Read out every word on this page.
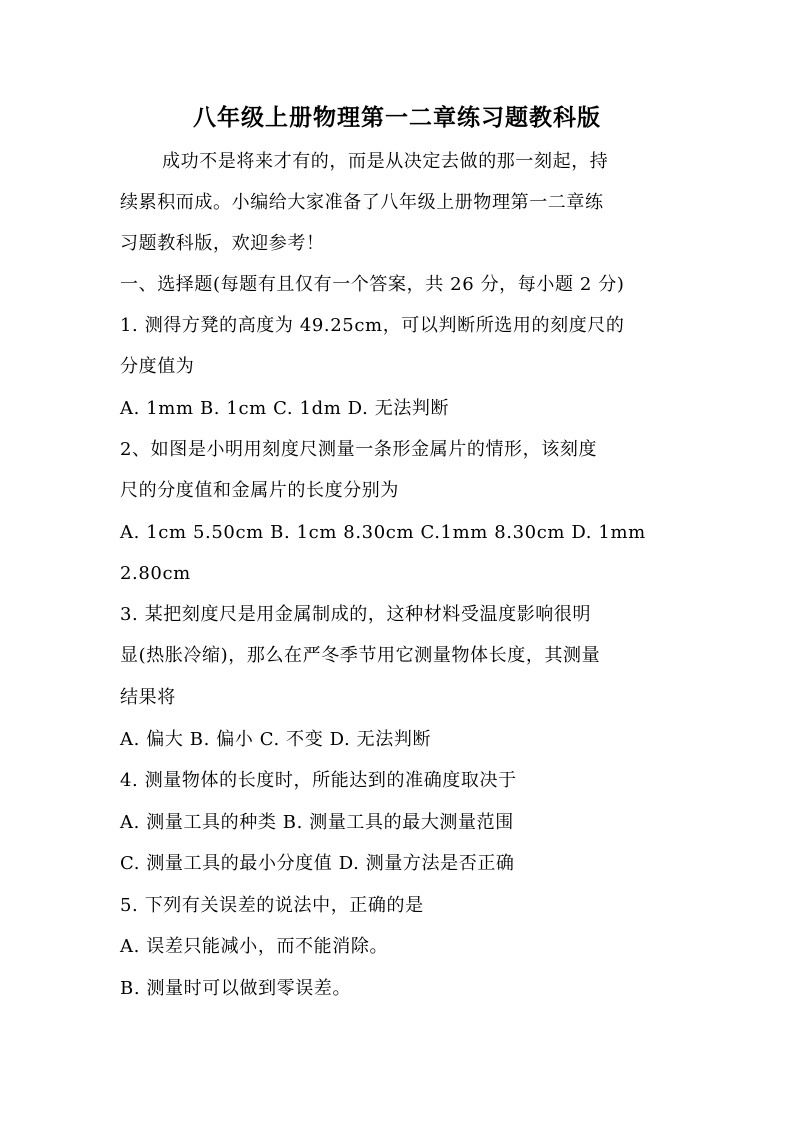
八年级上册物理第一二章练习题教科版
成功不是将来才有的，而是从决定去做的那一刻起，持
续累积而成。小编给大家准备了八年级上册物理第一二章练
习题教科版，欢迎参考！
一、选择题(每题有且仅有一个答案，共 26 分，每小题 2 分)
1. 测得方凳的高度为 49.25cm，可以判断所选用的刻度尺的
分度值为
A. 1mm B. 1cm C. 1dm D. 无法判断
2、如图是小明用刻度尺测量一条形金属片的情形，该刻度
尺的分度值和金属片的长度分别为
A. 1cm 5.50cm B. 1cm 8.30cm C.1mm 8.30cm D. 1mm
2.80cm
3. 某把刻度尺是用金属制成的，这种材料受温度影响很明
显(热胀冷缩)，那么在严冬季节用它测量物体长度，其测量
结果将
A. 偏大 B. 偏小 C. 不变 D. 无法判断
4. 测量物体的长度时，所能达到的准确度取决于
A. 测量工具的种类 B. 测量工具的最大测量范围
C. 测量工具的最小分度值 D. 测量方法是否正确
5. 下列有关误差的说法中，正确的是
A. 误差只能减小，而不能消除。
B. 测量时可以做到零误差。
